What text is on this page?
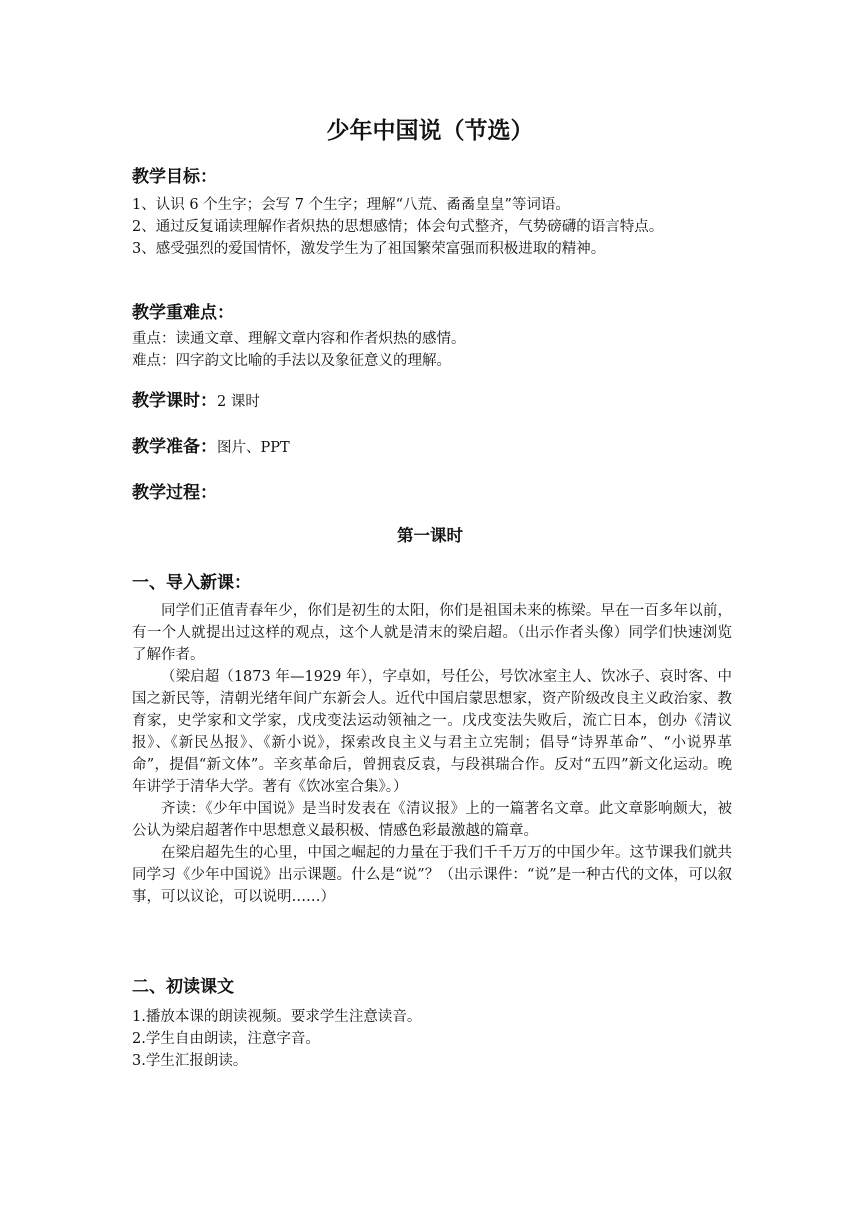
少年中国说（节选）
教学目标：

1、认识 6 个生字；会写 7 个生字；理解“八荒、矞矞皇皇”等词语。

2、通过反复诵读理解作者炽热的思想感情；体会句式整齐，气势磅礴的语言特点。

3、感受强烈的爱国情怀，激发学生为了祖国繁荣富强而积极进取的精神。

教学重难点：

重点：读通文章、理解文章内容和作者炽热的感情。

难点：四字韵文比喻的手法以及象征意义的理解。

教学课时：2 课时
教学准备：图片、PPT
教学过程：
第一课时
一、导入新课：

同学们正值青春年少，你们是初生的太阳，你们是祖国未来的栋梁。早在一百多年以前，有一个人就提出过这样的观点，这个人就是清末的梁启超。（出示作者头像）同学们快速浏览了解作者。

（梁启超（1873 年—1929 年），字卓如，号任公，号饮冰室主人、饮冰子、哀时客、中国之新民等，清朝光绪年间广东新会人。近代中国启蒙思想家，资产阶级改良主义政治家、教育家，史学家和文学家，戊戌变法运动领袖之一。戊戌变法失败后，流亡日本，创办《清议报》、《新民丛报》、《新小说》，探索改良主义与君主立宪制；倡导“诗界革命”、“小说界革命”，提倡“新文体”。辛亥革命后，曾拥袁反袁，与段祺瑞合作。反对“五四”新文化运动。晚年讲学于清华大学。著有《饮冰室合集》。）

齐读：《少年中国说》是当时发表在《清议报》上的一篇著名文章。此文章影响颇大，被公认为梁启超著作中思想意义最积极、情感色彩最激越的篇章。

在梁启超先生的心里，中国之崛起的力量在于我们千千万万的中国少年。这节课我们就共同学习《少年中国说》出示课题。什么是“说”？（出示课件：“说”是一种古代的文体，可以叙事，可以议论，可以说明……）

二、初读课文

1.播放本课的朗读视频。要求学生注意读音。

2.学生自由朗读，注意字音。

3.学生汇报朗读。
